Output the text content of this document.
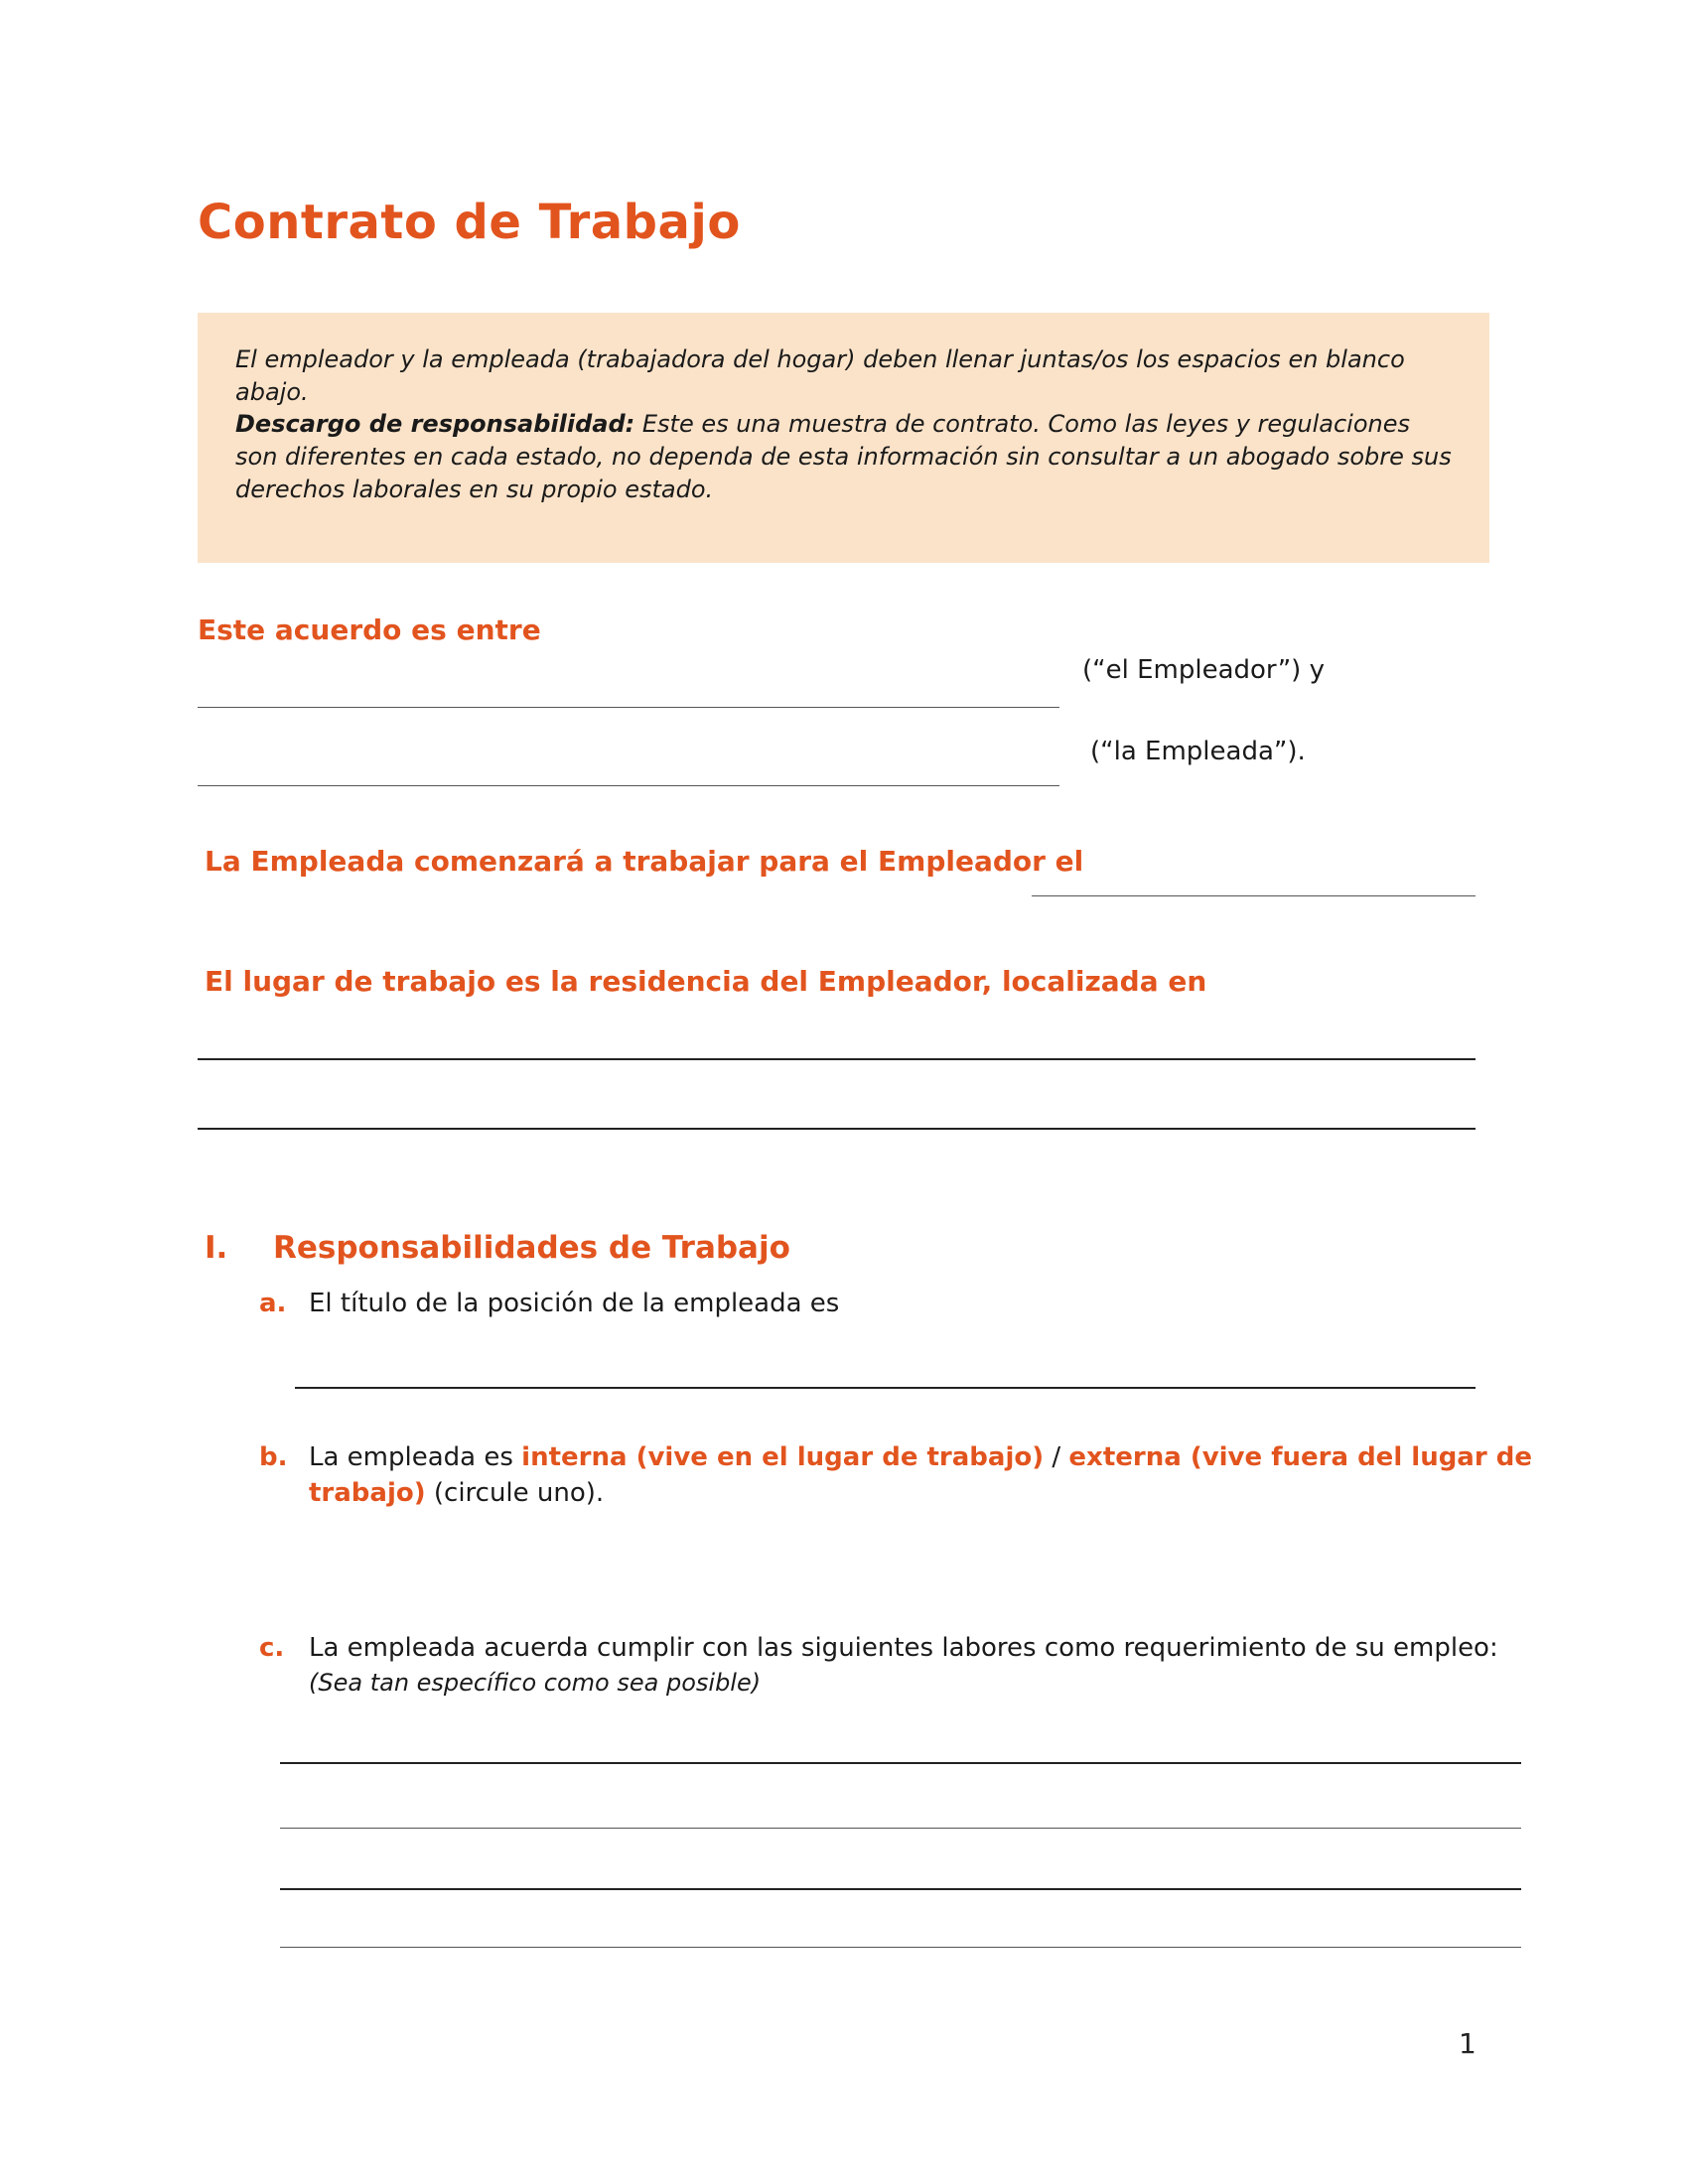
Contrato de Trabajo

El empleador y la empleada (trabajadora del hogar) deben llenar juntas/os los espacios en blanco abajo.

Descargo de responsabilidad: Este es una muestra de contrato. Como las leyes y regulaciones son diferentes en cada estado, no dependa de esta información sin consultar a un abogado sobre sus derechos laborales en su propio estado.

Este acuerdo es entre
(“el Empleador”) y
(“la Empleada”).
La Empleada comenzará a trabajar para el Empleador el
El lugar de trabajo es la residencia del Empleador, localizada en
I. Responsabilidades de Trabajo
a. El título de la posición de la empleada es
b. La empleada es interna (vive en el lugar de trabajo) / externa (vive fuera del lugar de
trabajo) (circule uno).
c. La empleada acuerda cumplir con las siguientes labores como requerimiento de su empleo:
(Sea tan específico como sea posible)
1
